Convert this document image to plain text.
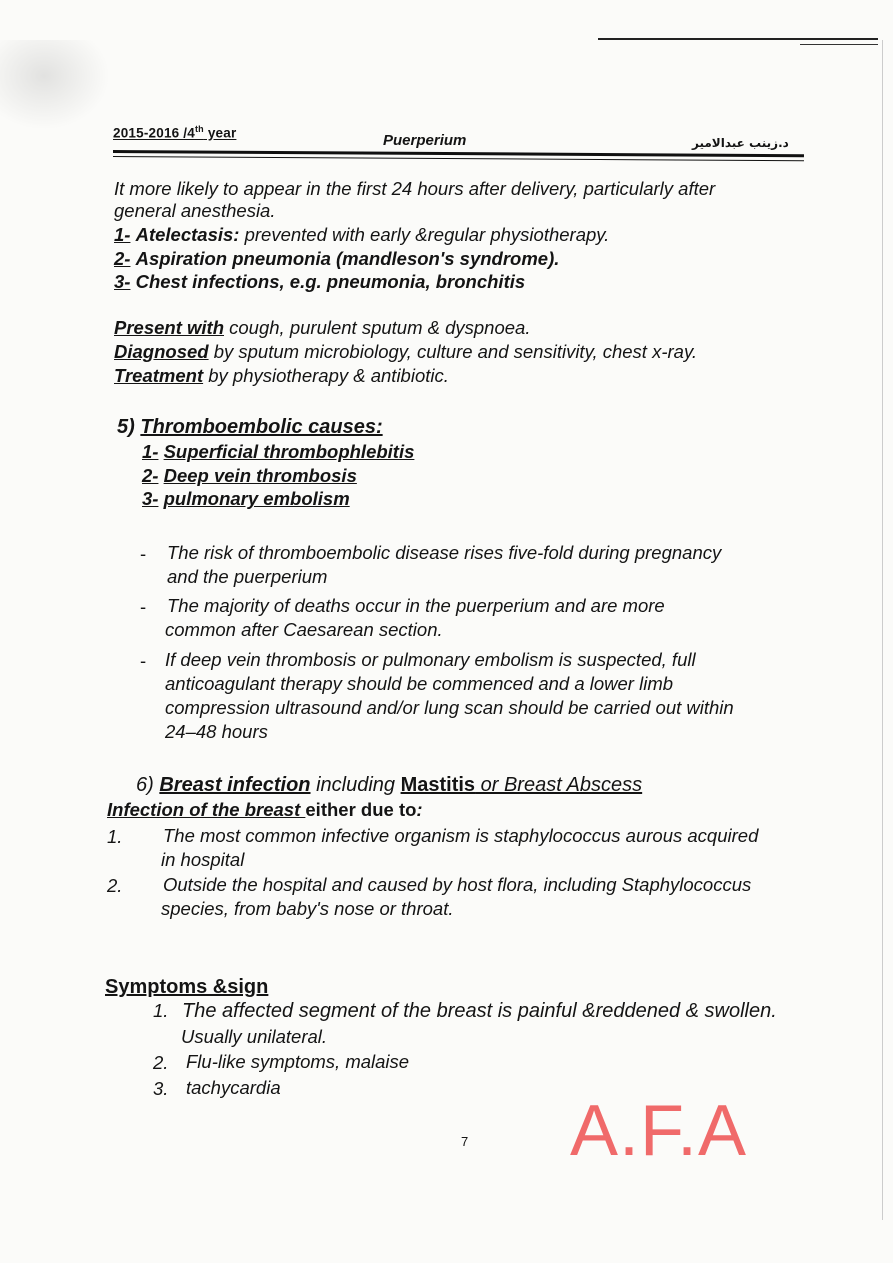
2015-2016 /4th year	Puerperium	د.زينب عبدالامير
It more likely to appear in the first 24 hours after delivery, particularly after
general anesthesia.
1- Atelectasis: prevented with early &regular physiotherapy.
2- Aspiration pneumonia (mandleson's syndrome).
3- Chest infections, e.g. pneumonia, bronchitis
Present with cough, purulent sputum & dyspnoea.
Diagnosed by sputum microbiology, culture and sensitivity, chest x-ray.
Treatment by physiotherapy & antibiotic.
5) Thromboembolic causes:
1- Superficial thrombophlebitis
2- Deep vein thrombosis
3- pulmonary embolism
- The risk of thromboembolic disease rises five-fold during pregnancy
and the puerperium
- The majority of deaths occur in the puerperium and are more
common after Caesarean section.
- If deep vein thrombosis or pulmonary embolism is suspected, full
anticoagulant therapy should be commenced and a lower limb
compression ultrasound and/or lung scan should be carried out within
24–48 hours
6) Breast infection including Mastitis or Breast Abscess
Infection of the breast either due to:
1. The most common infective organism is staphylococcus aurous acquired
in hospital
2. Outside the hospital and caused by host flora, including Staphylococcus
species, from baby's nose or throat.
Symptoms &sign
1. The affected segment of the breast is painful &reddened & swollen.
Usually unilateral.
2. Flu-like symptoms, malaise
3. tachycardia
7 A.F.A
